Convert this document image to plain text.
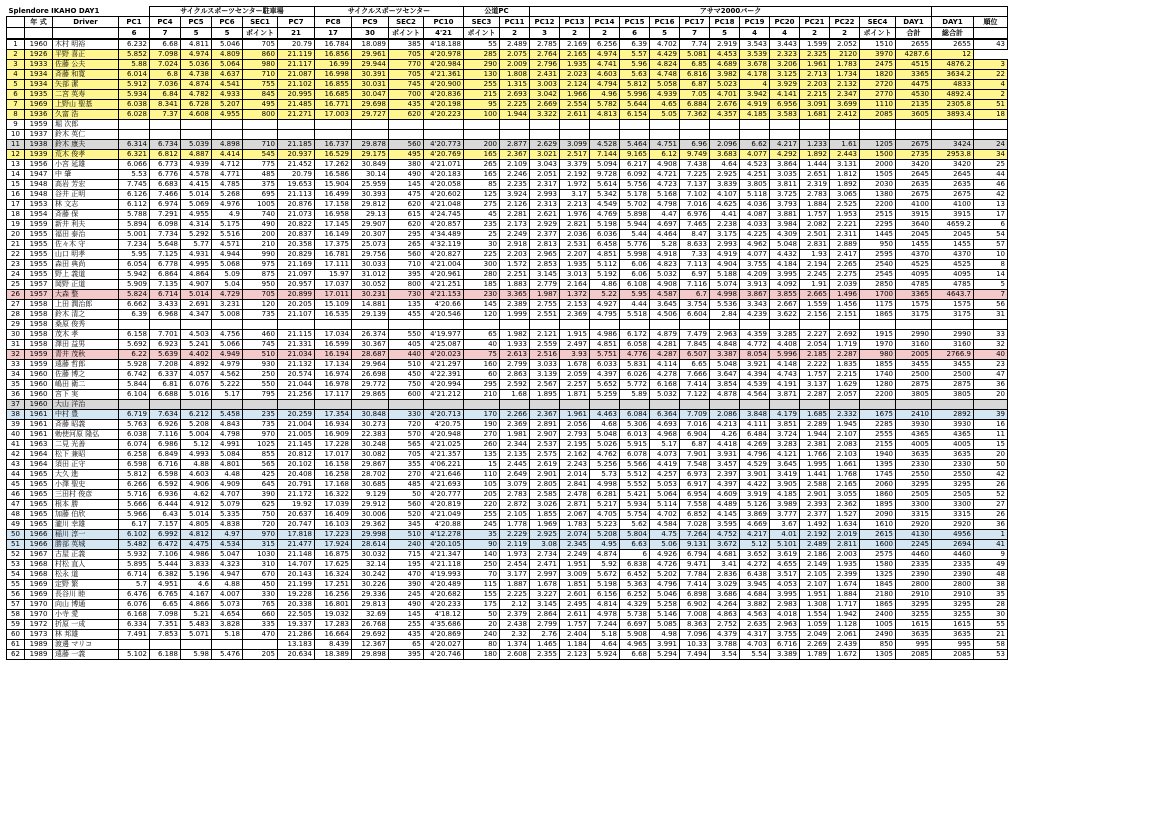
Splendore IKAHO DAY1				サイクルスポーツセンター駐車場					サイクルスポーツセンター				公道PC		アサマ2000パーク														
	年 式	Driver	PC1	PC4	PC5	PC6	SEC1	PC7	PC8	PC9	SEC2	PC10	SEC3	PC11	PC12	PC13	PC14	PC15	PC16	PC17	PC18	PC19	PC20	PC21	PC22	SEC4	DAY1	DAY1	順位
			6	7	5	5	ポイント	21	17	30	ポイント	4'21	ポイント	2	3	2	2	6	5	7	5	4	4	2	2	ポイント	合計	総合計	
1	1960	木村 明裕	6.232	6.68	4.811	5.046	705	20.79	16.784	18.089	385	4'18.188	55	2.489	2.785	2.169	6.256	6.39	4.702	7.74	2.919	3.543	3.443	1.599	2.052	1510	2655	2655	43
2	1926	平野 喜正	5.852	7.098	4.974	4.809	860	21.119	16.856	29.961	705	4'20.978	285	2.075	2.764	2.165	4.974	5.57	4.429	5.081	4.453	3.539	2.323	2.325	2120	3970	4287.6	12	
3	1933	佐藤 公夫	5.88	7.024	5.036	5.064	980	21.117	16.99	29.944	770	4'20.984	290	2.009	2.796	1.935	4.741	5.96	4.824	6.85	4.689	3.678	3.206	1.961	1.783	2475	4515	4876.2	3
4	1934	斉藤 和寛	6.014	6.8	4.738	4.637	710	21.087	16.998	30.391	705	4'21.361	130	1.808	2.431	2.023	4.603	5.63	4.748	6.816	3.982	4.178	3.125	2.713	1.734	1820	3365	3634.2	22
5	1934	矢部 潔	5.912	7.036	4.874	4.541	755	21.102	16.855	30.031	745	4'20.900	255	1.315	3.003	2.124	4.794	5.812	5.058	6.87	5.023	4	3.929	2.203	2.132	2720	4475	4833	4
6	1935	二宮 英寿	5.934	6.84	4.782	4.933	845	20.995	16.685	30.047	700	4'20.836	215	2.693	3.042	1.966	4.96	5.996	4.939	7.05	4.701	3.942	4.141	2.215	2.347	2770	4530	4892.4	2
7	1969	上野山 聖基	6.038	8.341	6.728	5.207	495	21.485	16.771	29.698	435	4'20.198	95	2.225	2.669	2.554	5.782	5.644	4.65	6.884	2.676	4.919	6.956	3.091	3.699	1110	2135	2305.8	51
8	1936	久富 浩	6.028	7.37	4.608	4.955	800	21.271	17.003	29.727	620	4'20.223	100	1.944	3.322	2.611	4.813	6.154	5.05	7.362	4.357	4.185	3.583	1.681	2.412	2085	3605	3893.4	18
9	1959	堀 次郎																											
10	1937	鈴木 英仁																											
11	1938	鈴木 康夫	6.314	6.734	5.039	4.898	710	21.185	16.737	29.878	560	4'20.773	200	2.877	2.629	3.099	4.528	5.464	4.751	6.96	2.096	6.62	4.217	1.233	1.61	1205	2675	3424	24
12	1939	荒木 俊孝	6.321	6.812	4.887	4.414	545	20.937	16.529	29.175	495	4'20.769	165	2.367	3.021	2.517	7.144	9.165	6.12	9.749	3.683	4.077	4.292	1.892	2.443	1500	2735	2953.8	34
13	1956	小宮 延雄	6.066	6.773	4.939	4.712	775	21.452	17.262	30.849	380	4'21.071	265	2.109	3.043	3.379	5.094	6.217	4.908	7.438	4.64	4.523	3.864	1.444	3.131	2000	3420	3420	25
14	1947	中 肇	5.53	6.776	4.578	4.771	485	20.79	16.586	30.14	490	4'20.183	165	2.246	2.051	2.192	9.728	6.092	4.721	7.225	2.925	4.251	3.035	2.651	1.812	1505	2645	2645	44
15	1948	高岩 芳宏	7.745	6.683	4.415	4.785	375	19.653	15.904	25.959	145	4'20.058	85	2.235	2.317	1.972	5.614	5.756	4.723	7.137	3.839	3.805	3.811	2.319	1.892	2030	2635	2635	46
16	1948	谷井 正明	6.126	7.466	5.014	5.268	695	21.113	16.499	30.393	475	4'20.602	125	3.924	2.993	3.17	5.342	5.178	5.168	7.102	4.107	5.118	3.725	2.783	3.065	1380	2675	2675	42
17	1953	林 文志	6.112	6.974	5.069	4.976	1005	20.876	17.158	29.812	620	4'21.048	275	2.126	2.313	2.213	4.549	5.702	4.798	7.016	4.625	4.036	3.793	1.884	2.525	2200	4100	4100	13
18	1954	斉藤 保	5.788	7.291	4.955	4.9	740	21.073	16.958	29.13	615	4'24.745	45	2.281	2.621	1.976	4.769	5.898	4.47	6.976	4.41	4.087	3.881	1.757	1.953	2515	3915	3915	17
19	1959	新井 利夫	5.894	6.098	4.314	5.175	490	20.822	17.145	29.907	620	4'20.857	235	2.173	2.929	2.821	5.198	5.944	4.697	7.465	2.238	4.033	3.984	2.082	2.221	2295	3640	4659.2	6
20	1955	福田 泰治	5.001	7.734	5.292	5.516	200	20.837	16.149	20.307	295	4'34.489	25	2.249	2.377	2.036	6.036	5.44	4.464	8.47	3.175	4.225	4.309	2.501	2.311	1445	2045	2045	54
21	1955	佐々木 守	7.234	5.648	5.77	4.571	210	20.358	17.375	25.073	265	4'32.119	30	2.918	2.813	2.531	6.458	5.776	5.28	8.633	2.993	4.962	5.048	2.831	2.889	950	1455	1455	57
22	1955	山口 明孝	5.95	7.125	4.931	4.944	990	20.829	16.781	29.756	560	4'20.827	225	2.203	2.965	2.207	4.851	5.998	4.918	7.33	4.919	4.077	4.432	1.93	2.417	2595	4370	4370	10
23	1955	森田 典尚	6.054	6.778	4.995	5.068	975	21.169	17.111	30.033	710	4'21.004	300	1.572	2.853	1.935	5.112	6.06	4.823	7.113	4.904	3.755	4.184	2.194	2.265	2540	4525	4525	8
24	1955	野上 義道	5.942	6.864	4.864	5.09	875	21.097	15.97	31.012	395	4'20.961	280	2.251	3.145	3.013	5.192	6.06	5.032	6.97	5.188	4.209	3.995	2.245	2.275	2545	4095	4095	14
25	1957	岡野 正道	5.909	7.135	4.907	5.04	950	20.957	17.037	30.052	800	4'21.251	185	1.883	2.779	2.164	4.86	6.108	4.908	7.116	5.074	3.913	4.092	1.91	2.039	2850	4785	4785	5
26	1957	大森 整	5.824	6.714	5.014	4.729	705	20.899	17.011	30.231	730	4'21.153	230	3.365	1.987	1.372	5.22	5.95	4.587	6.7	4.998	3.867	3.855	2.665	1.496	1700	3365	4643.7	7
27	1958	上田 潤治郎	6.662	3.433	2.691	3.231	120	20.205	15.109	14.881	135	4'20.66	145	2.389	2.755	2.153	4.927	4.44	3.645	3.754	5.536	3.343	2.667	1.559	1.456	1175	1575	1575	56
28	1958	鈴木 清之	6.39	6.968	4.347	5.008	735	21.107	16.535	29.139	455	4'20.546	120	1.999	2.551	2.369	4.795	5.518	4.506	6.604	2.84	4.239	3.622	2.156	2.151	1865	3175	3175	31
29	1958	桑原 俊秀																											
30	1958	茂木 孝	6.158	7.701	4.503	4.756	460	21.115	17.034	26.374	550	4'19.977	65	1.982	2.121	1.915	4.986	6.172	4.879	7.479	2.963	4.359	3.285	2.227	2.692	1915	2990	2990	33
31	1958	澤田 益男	5.692	6.923	5.241	5.066	745	21.331	16.599	30.367	405	4'25.087	40	1.933	2.559	2.497	4.851	6.058	4.281	7.845	4.848	4.772	4.408	2.054	1.719	1970	3160	3160	32
32	1959	青井 茂秋	6.22	5.639	4.402	4.949	510	21.034	16.194	28.687	440	4'20.023	75	2.613	2.516	3.93	5.751	4.776	4.287	6.507	3.387	8.054	5.996	2.185	2.287	980	2005	2766.9	40
33	1959	遠藤 哲郎	5.928	7.208	4.892	4.979	930	21.132	17.134	29.964	510	4'21.297	160	2.799	3.033	1.678	6.033	5.831	4.114	6.65	5.048	3.921	4.148	2.222	1.835	1855	3455	3455	23
34	1960	佐藤 博之	6.742	6.337	4.057	4.562	250	20.574	16.974	26.698	450	4'22.391	60	2.863	3.139	2.059	4.397	6.026	4.278	7.666	3.647	4.394	4.743	1.757	2.215	1740	2500	2500	47
35	1960	嶋田 衛二	5.844	6.81	6.076	5.222	550	21.044	16.978	29.772	750	4'20.994	295	2.592	2.567	2.257	5.652	5.772	6.168	7.414	3.854	4.539	4.191	3.137	1.629	1280	2875	2875	36
36	1960	宮下 実	6.104	6.688	5.016	5.17	795	21.256	17.117	29.865	600	4'21.212	210	1.68	1.895	1.871	5.259	5.89	5.032	7.122	4.878	4.564	3.871	2.287	2.057	2200	3805	3805	20
37	1960	大山 洋治																											
38	1961	中村 豊	6.719	7.634	6.212	5.458	235	20.259	17.354	30.848	330	4'20.713	170	2.266	2.367	1.961	4.463	6.084	6.364	7.709	2.086	3.848	4.179	1.685	2.332	1675	2410	2892	39
39	1961	斉藤 昭義	5.763	6.926	5.208	4.843	735	21.004	16.934	30.273	720	4'20.75	190	2.369	2.891	2.056	4.68	5.306	4.693	7.016	4.213	4.111	3.851	2.289	1.945	2285	3930	3930	16
40	1961	勅使河原 隆弘	6.038	7.116	5.004	4.798	970	21.005	16.909	22.383	570	4'20.948	270	1.981	2.907	2.793	5.048	6.013	4.968	6.904	4.26	6.484	3.724	1.944	2.107	2555	4365	4365	11
41	1963	二見 光善	6.074	6.986	5.12	4.991	1025	21.145	17.228	30.248	565	4'21.025	260	2.344	2.537	2.195	5.026	5.915	5.17	6.87	4.418	4.269	3.283	2.381	2.083	2155	4005	4005	15
42	1964	松下 兼昭	6.258	6.849	4.993	5.084	855	20.812	17.017	30.082	705	4'21.357	135	2.135	2.575	2.162	4.762	6.078	4.073	7.901	3.931	4.796	4.121	1.766	2.103	1940	3635	3635	20
43	1964	須田 正守	6.598	6.716	4.88	4.801	565	20.102	16.158	29.867	355	4'06.221	15	2.445	2.619	2.243	5.256	5.566	4.419	7.548	3.457	4.529	3.645	1.995	1.661	1395	2330	2330	50
44	1965	大久 進	5.812	6.598	4.603	4.48	425	20.408	16.258	28.702	270	4'21.646	110	2.649	2.901	2.014	5.73	5.512	4.257	6.973	2.397	3.901	3.419	1.441	1.768	1745	2550	2550	42
45	1965	小澤 聖史	6.266	6.592	4.906	4.909	645	20.791	17.168	30.685	485	4'21.693	105	3.079	2.805	2.841	4.998	5.552	5.053	6.917	4.397	4.422	3.905	2.588	2.165	2060	3295	3295	26
46	1965	三田村 俊彦	5.716	6.936	4.62	4.707	390	21.172	16.322	9.129	50	4'20.777	205	2.783	2.585	2.478	6.281	5.421	5.064	6.954	4.609	3.919	4.185	2.901	3.055	1860	2505	2505	52
47	1965	根本 勝	5.666	6.444	4.912	5.079	625	19.92	17.039	29.912	560	4'20.819	220	2.872	3.026	2.871	5.217	5.934	5.114	7.558	4.489	5.126	3.989	2.393	2.362	1895	3300	3300	27
48	1965	加藤 伯欣	5.966	6.43	5.014	5.335	750	20.637	16.409	30.006	520	4'21.049	255	2.105	1.855	2.067	4.705	5.754	4.702	6.852	4.145	3.869	3.777	2.377	1.527	2090	3315	3315	26
49	1965	瀧川 幸雄	6.17	7.157	4.805	4.838	720	20.747	16.103	29.362	345	4'20.88	245	1.778	1.969	1.783	5.223	5.62	4.584	7.028	3.595	4.669	3.67	1.492	1.634	1610	2920	2920	36
50	1966	稲川 淳一	6.102	6.992	4.812	4.97	970	17.818	17.223	29.998	510	4'12.278	35	2.229	2.925	2.074	5.208	5.804	4.75	7.264	4.752	4.217	4.01	2.192	2.019	2615	4130	4956	1
51	1966	勝部 英城	5.482	6.472	4.475	4.534	315	21.477	17.924	28.614	240	4'20.105	90	2.119	3.08	2.345	4.95	6.63	5.06	9.131	3.672	5.12	5.101	2.489	2.811	1600	2245	2694	41
52	1967	古屋 正義	5.932	7.106	4.986	5.047	1030	21.148	16.875	30.032	715	4'21.347	140	1.973	2.734	2.249	4.874	6	4.926	6.794	4.681	3.652	3.619	2.186	2.003	2575	4460	4460	9
53	1968	村松 直人	5.895	5.444	3.833	4.323	310	14.707	17.625	32.14	195	4'21.118	250	2.454	2.471	1.951	5.92	6.838	4.726	9.471	3.41	4.272	4.655	2.149	1.935	1580	2335	2335	49
54	1968	松永 道	6.714	6.382	5.196	4.947	670	20.143	16.324	30.242	470	4'19.993	70	3.177	2.997	3.009	5.672	6.452	5.202	7.784	2.836	6.438	3.517	2.105	2.399	1325	2390	2390	48
55	1969	定野 繁	5.7	4.951	4.6	4.88	450	21.199	17.251	30.226	390	4'20.489	115	1.887	1.678	1.851	5.198	5.363	4.796	7.414	3.029	3.945	4.053	2.107	1.674	1845	2800	2800	38
56	1969	長谷川 睦	6.476	6.765	4.167	4.007	330	19.228	16.256	29.336	245	4'20.682	155	2.225	3.227	2.601	6.156	6.252	5.046	6.898	3.686	4.684	3.995	1.951	1.884	2180	2910	2910	35
57	1970	向山 博通	6.076	6.65	4.866	5.073	765	20.338	16.801	29.813	490	4'20.233	175	2.12	3.145	2.495	4.814	4.329	5.258	6.902	4.264	3.882	2.983	1.308	1.717	1865	3295	3295	28
58	1970	小寺 愛	6.168	7.098	5.21	4.654	660	22.505	19.032	32.69	145	4'18.12	50	2.379	2.864	2.611	4.978	5.738	5.146	7.008	4.863	4.563	4.018	1.554	1.942	2400	3255	3255	30
59	1972	折原 一成	6.334	7.351	5.483	3.828	335	19.337	17.283	26.768	255	4'35.686	20	2.438	2.799	1.757	7.244	6.697	5.085	8.363	2.752	2.635	2.963	1.059	1.128	1005	1615	1615	55
60	1973	林 邦雄	7.491	7.853	5.071	5.18	470	21.286	16.664	29.692	435	4'20.869	240	2.32	2.76	2.404	5.18	5.908	4.98	7.096	4.379	4.317	3.755	2.049	2.061	2490	3635	3635	21
61	1989	渡邊 マリコ						13.183	8.439	12.367	65	4'20.027	80	1.374	1.465	1.184	4.64	4.965	3.991	10.33	3.788	4.703	6.716	2.269	2.439	850	995	995	58
62	1989	遠藤 一義	5.102	6.188	5.98	5.476	205	20.634	18.389	29.898	395	4'20.746	180	2.608	2.355	2.123	5.924	6.68	5.294	7.494	3.54	5.54	3.389	1.789	1.672	1305	2085	2085	53
